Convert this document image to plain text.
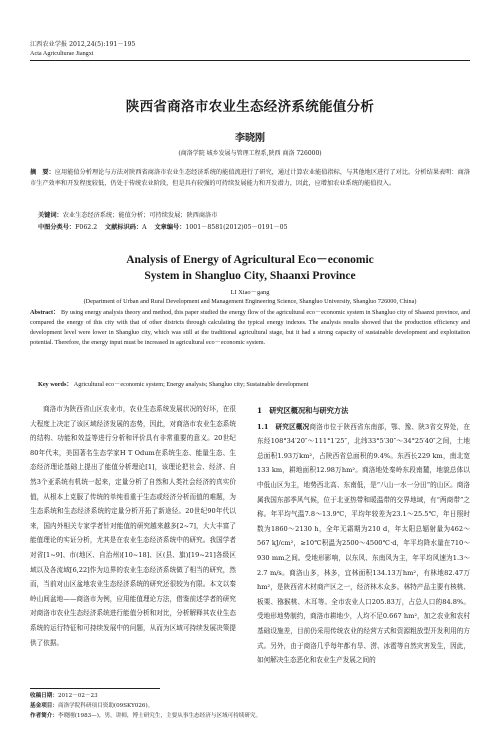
江西农业学报 2012,24(5):191－195
Acta Agriculturae Jiangxi
陕西省商洛市农业生态经济系统能值分析
李晓刚
(商洛学院 城乡发展与管理工程系,陕西 商洛 726000)
摘　要：应用能值分析理论与方法对陕西省商洛市农业生态经济系统的能值流进行了研究，通过计算农业能值指标，与其他地区进行了对比。分析结果表明：商洛市生产效率和开发程度较低，仍处于传统农业阶段，但是具有较强的可持续发展能力和开发潜力，因此，应增加农业系统的能值投入。
关键词：农业生态经济系统；能值分析；可持续发展；陕西商洛市
中图分类号：F062.2 文献标识码：A 文章编号：1001－8581(2012)05－0191－05
Analysis of Energy of Agricultural Eco－economic
System in Shangluo City, Shaanxi Province
LI Xiao－gang
(Department of Urban and Rural Development and Management Engineering Science, Shangluo University, Shangluo 726000, China)
Abstract： By using energy analysis theory and method, this paper studied the energy flow of the agricultural eco－economic system in Shangluo city of Shaanxi province, and compared the energy of this city with that of other districts through calculating the typical energy indexes. The analysis results showed that the production efficiency and development level were lower in Shangluo city, which was still at the traditional agricultural stage, but it had a strong capacity of sustainable development and exploitation potential. Therefore, the energy input must be increased in agricultural eco－economic system.
Key words： Agricultural eco－economic system; Energy analysis; Shangluo city; Sustainable development
商洛市为陕西省山区农业市，农业生态系统发展状况的好坏，在很大程度上决定了该区域经济发展的态势，因此，对商洛市农业生态系统的结构、功能和效益等进行分析和评价具有非常重要的意义。20世纪80年代末，美国著名生态学家H T Odum在系统生态、能量生态、生态经济理论基础上提出了能值分析理论[1]，该理论把社会、经济、自然3个亚系统有机统一起来，定量分析了自然和人类社会经济的真实价值，从根本上克服了传统的单纯看重于生态或经济分析而值的难题，为生态系统和生态经济系统的定量分析开拓了新途径。20世纪90年代以来，国内外相关专家学者针对能值的研究越来越多[2~7]，大大丰富了能值理论的实证分析，尤其是在农业生态经济系统中的研究。我国学者对省[1~9]、市(地区、自治州)[10~18]、区(县、旗)[19~21]各级区域以及各流域[6,22]作为边界的农业生态经济系统做了相当的研究，然而，当前对山区盆地农业生态经济系统的研究还很较为有限。本文以秦岭山间盆地——商洛市为例，应用能值理论方法，借鉴前述学者的研究对商洛市农业生态经济系统进行能值分析和对比，分析解释其农业生态系统的运行特征和可持续发展中的问题，从而为区域可持续发展决策提供了依据。
1　研究区概况和与研究方法
1.1　研究区概况商洛市位于陕西省东南部，鄂、豫、陕3省交界处，在东经108°34′20″～111°1′25″，北纬33°5′30″～34°25′40″之间，土地总面积1.93万km²，占陕西省总面积的9.4%。东西长229 km，南北宽133 km，耕地面积12.98万hm²。商洛地处秦岭东段南麓，地貌总体以中低山区为主，地势西北高、东南低，是“八山一水一分田”的山区。商洛属我国东部季风气候，位于北亚热带和暖温带的交界地域，有“两商带”之称。年平均气温7.8～13.9℃，平均年较差为23.1～25.5℃，年日照时数为1860～2130 h，全年无霜期为210 d，年太阳总辐射量为462～567 kJ/cm²，≥10℃积温为2500～4500℃·d，年平均降水量在710～930 mm之间。受地形影响，以东风、东南风为主，年平均风速为1.3～2.7 m/s。商洛山多，林多，宜林面积134.13万hm²，有林地82.47万hm²，是陕西省木材商产区之一，经济林木众多。林特产品主要有核桃、板栗、猕猴桃、木耳等。全市农业人口205.83万，占总人口的84.8%。受地形地势制约，商洛市耕地少，人均不足0.667 hm²，加之农业和农村基础设施差，目前仍采用传统农业的经营方式和资源粗放型开发利用的方式。另外，由于商洛几乎每年都有旱、涝、冰雹等自然灾害发生，因此，如何解决生态恶化和农业生产发展之间的
收稿日期：2012－02－23
基金项目：商洛学院科研项目资助(09SKY026)。
作者简介：李晓刚(1983—)，男，讲师，博士研究生，主要从事生态经济与区域可持续研究。
